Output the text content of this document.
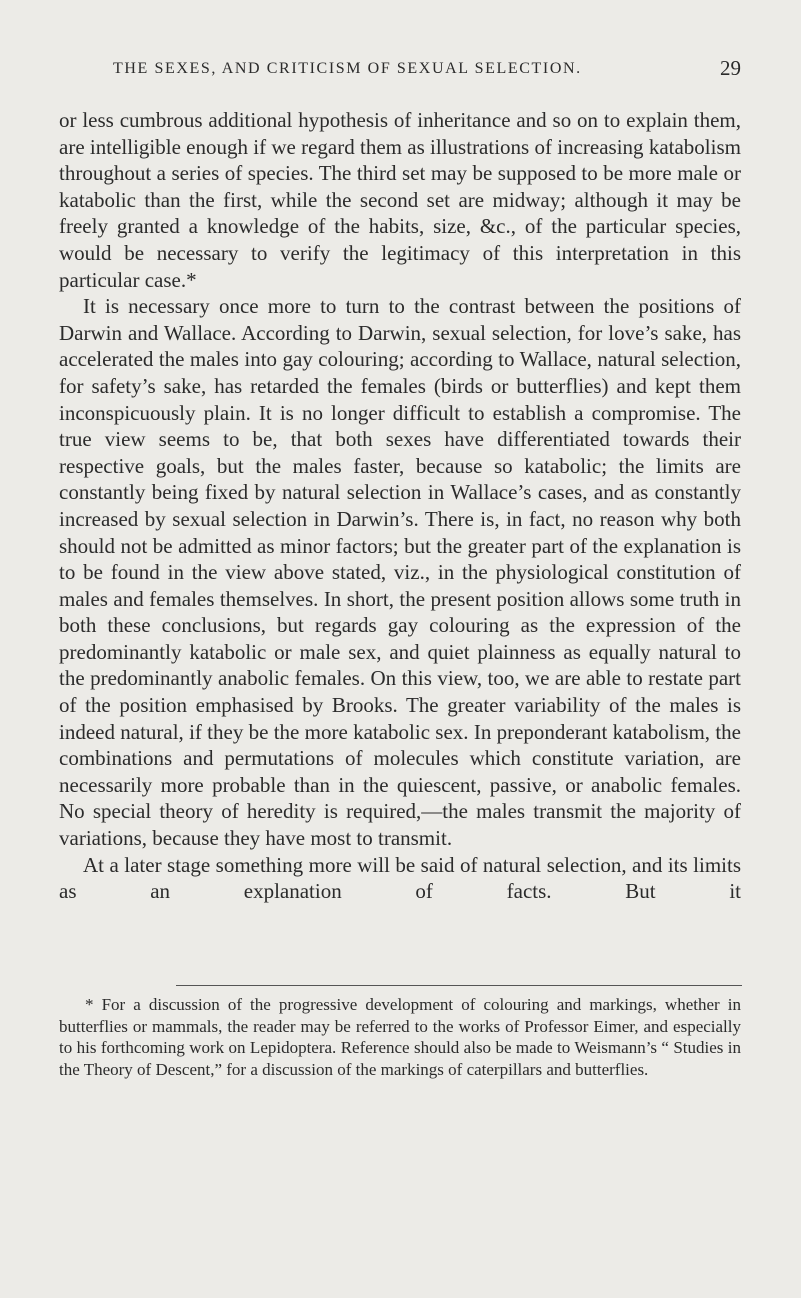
THE SEXES, AND CRITICISM OF SEXUAL SELECTION.	29

or less cumbrous additional hypothesis of inheritance and so on to explain them, are intelligible enough if we regard them as illustrations of increasing katabolism throughout a series of species. The third set may be supposed to be more male or katabolic than the first, while the second set are midway; although it may be freely granted a knowledge of the habits, size, &c., of the particular species, would be necessary to verify the legitimacy of this interpretation in this particular case.*

It is necessary once more to turn to the contrast between the positions of Darwin and Wallace. According to Darwin, sexual selection, for love’s sake, has accelerated the males into gay colouring; according to Wallace, natural selection, for safety’s sake, has retarded the females (birds or butterflies) and kept them inconspicuously plain. It is no longer difficult to establish a compromise. The true view seems to be, that both sexes have differentiated towards their respective goals, but the males faster, because so katabolic; the limits are constantly being fixed by natural selection in Wallace’s cases, and as constantly increased by sexual selection in Darwin’s. There is, in fact, no reason why both should not be admitted as minor factors; but the greater part of the explanation is to be found in the view above stated, viz., in the physiological constitution of males and females themselves. In short, the present position allows some truth in both these conclusions, but regards gay colouring as the expression of the predominantly katabolic or male sex, and quiet plainness as equally natural to the predominantly anabolic females. On this view, too, we are able to restate part of the position emphasised by Brooks. The greater variability of the males is indeed natural, if they be the more katabolic sex. In preponderant katabolism, the combinations and permutations of molecules which constitute variation, are necessarily more probable than in the quiescent, passive, or anabolic females. No special theory of heredity is required,—the males transmit the majority of variations, because they have most to transmit.

At a later stage something more will be said of natural selection, and its limits as an explanation of facts. But it

* For a discussion of the progressive development of colouring and markings, whether in butterflies or mammals, the reader may be referred to the works of Professor Eimer, and especially to his forthcoming work on Lepidoptera. Reference should also be made to Weismann’s “ Studies in the Theory of Descent,” for a discussion of the markings of caterpillars and butterflies.
